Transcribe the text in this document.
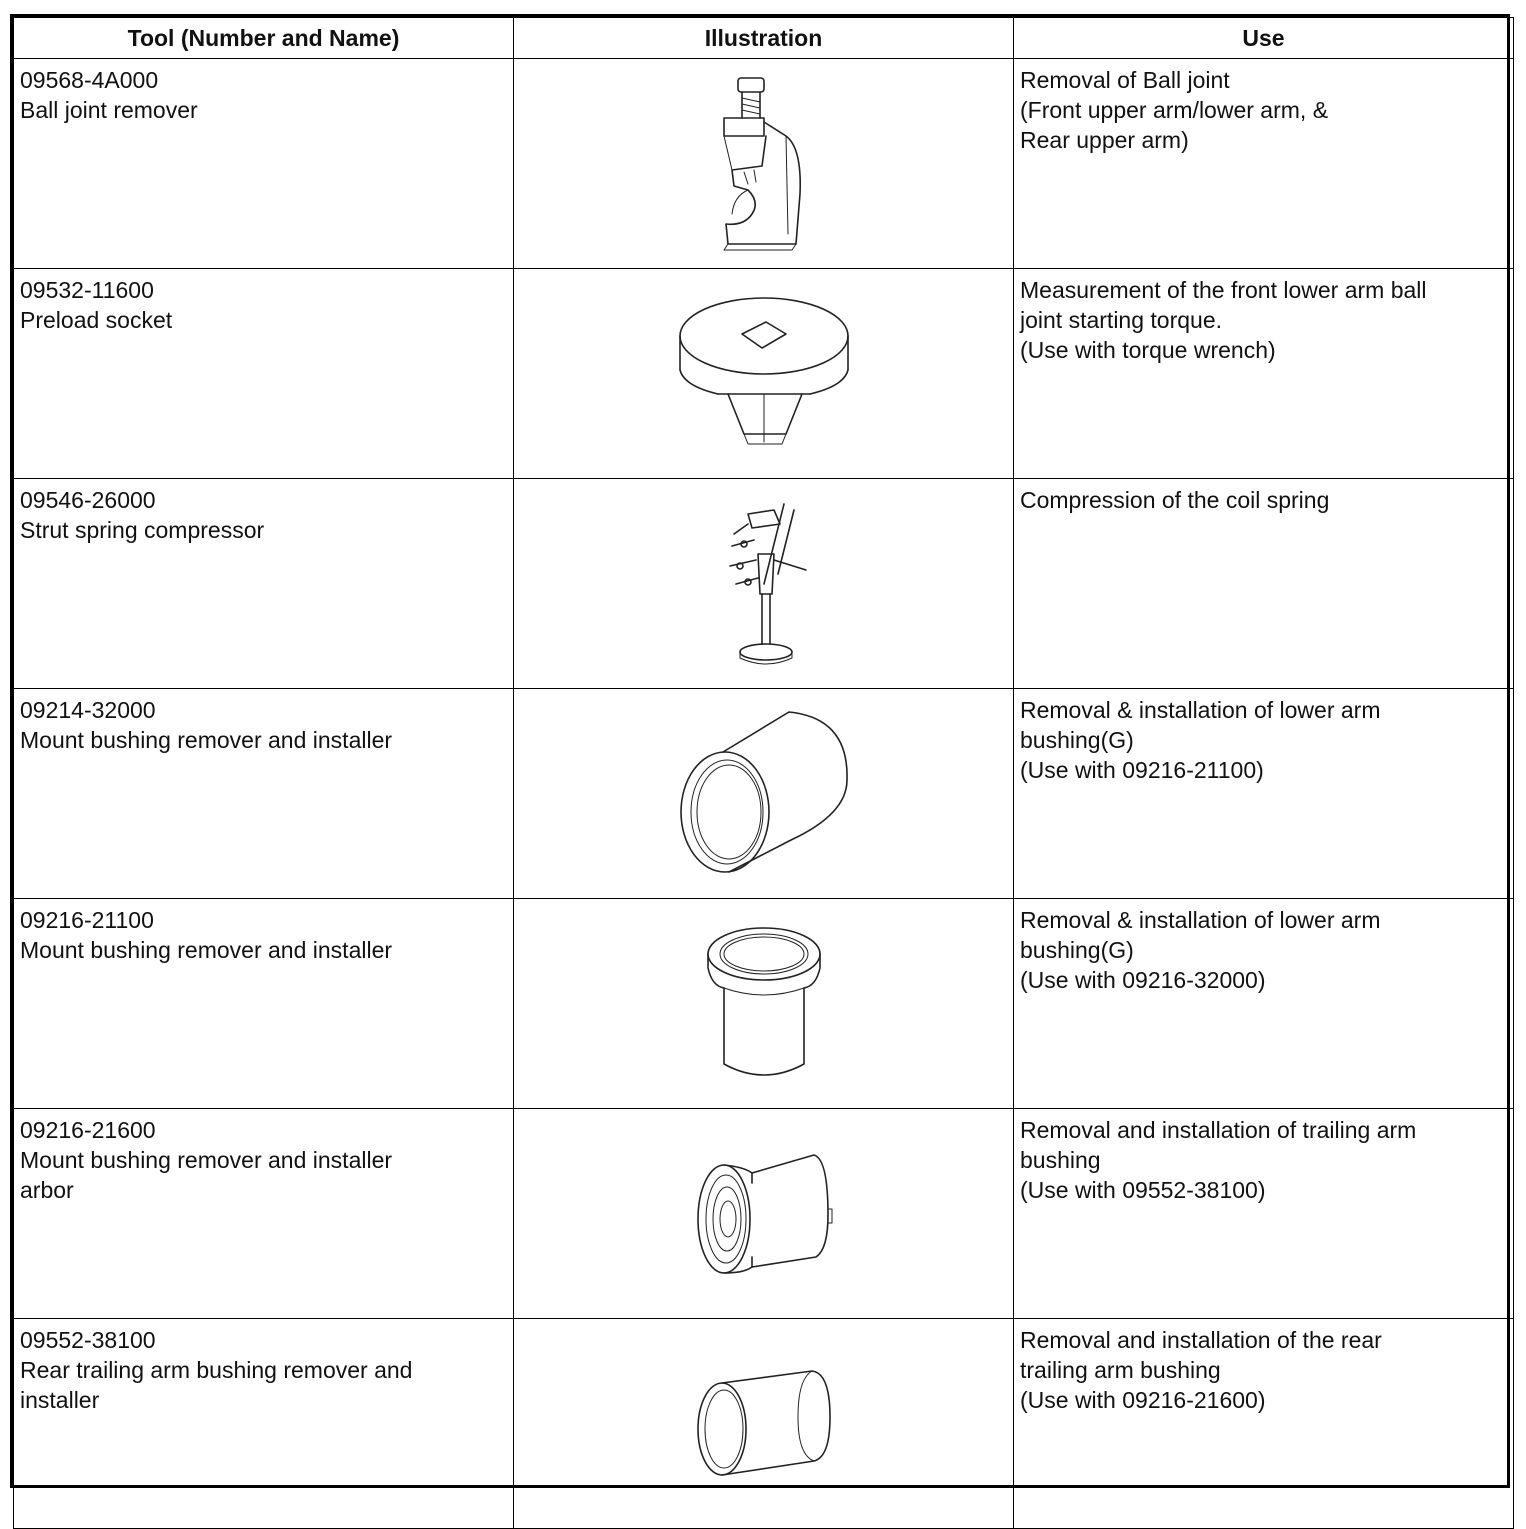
Tool (Number and Name)	Illustration	Use

09568-4A000
Ball joint remover		Removal of Ball joint
(Front upper arm/lower arm, &
Rear upper arm)

09532-11600
Preload socket		Measurement of the front lower arm ball
joint starting torque.
(Use with torque wrench)

09546-26000
Strut spring compressor		Compression of the coil spring

09214-32000
Mount bushing remover and installer		Removal & installation of lower arm
bushing(G)
(Use with 09216-21100)

09216-21100
Mount bushing remover and installer		Removal & installation of lower arm
bushing(G)
(Use with 09216-32000)

09216-21600
Mount bushing remover and installer
arbor		Removal and installation of trailing arm
bushing
(Use with 09552-38100)

09552-38100
Rear trailing arm bushing remover and
installer		Removal and installation of the rear
trailing arm bushing
(Use with 09216-21600)
